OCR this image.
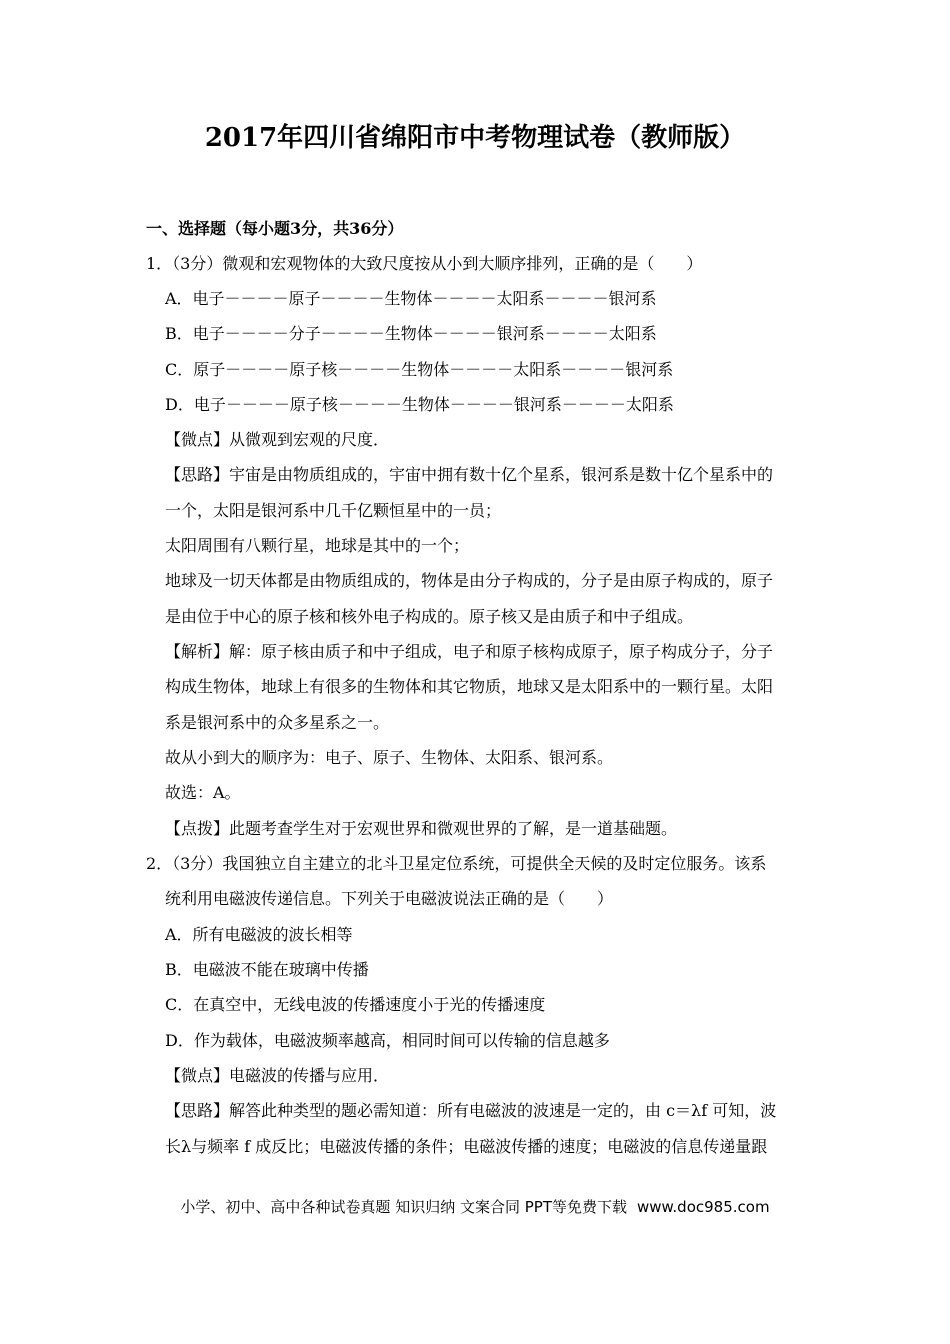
2017年四川省绵阳市中考物理试卷（教师版）
一、选择题（每小题3分，共36分）
1．（3分）微观和宏观物体的大致尺度按从小到大顺序排列，正确的是（　　）
A．电子－－－－原子－－－－生物体－－－－太阳系－－－－银河系
B．电子－－－－分子－－－－生物体－－－－银河系－－－－太阳系
C．原子－－－－原子核－－－－生物体－－－－太阳系－－－－银河系
D．电子－－－－原子核－－－－生物体－－－－银河系－－－－太阳系
【微点】从微观到宏观的尺度．
【思路】宇宙是由物质组成的，宇宙中拥有数十亿个星系，银河系是数十亿个星系中的
一个，太阳是银河系中几千亿颗恒星中的一员；
太阳周围有八颗行星，地球是其中的一个；
地球及一切天体都是由物质组成的，物体是由分子构成的，分子是由原子构成的，原子
是由位于中心的原子核和核外电子构成的。原子核又是由质子和中子组成。
【解析】解：原子核由质子和中子组成，电子和原子核构成原子，原子构成分子，分子
构成生物体，地球上有很多的生物体和其它物质，地球又是太阳系中的一颗行星。太阳
系是银河系中的众多星系之一。
故从小到大的顺序为：电子、原子、生物体、太阳系、银河系。
故选：A。
【点拨】此题考查学生对于宏观世界和微观世界的了解，是一道基础题。
2．（3分）我国独立自主建立的北斗卫星定位系统，可提供全天候的及时定位服务。该系
统利用电磁波传递信息。下列关于电磁波说法正确的是（　　）
A．所有电磁波的波长相等
B．电磁波不能在玻璃中传播
C．在真空中，无线电波的传播速度小于光的传播速度
D．作为载体，电磁波频率越高，相同时间可以传输的信息越多
【微点】电磁波的传播与应用．
【思路】解答此种类型的题必需知道：所有电磁波的波速是一定的，由 c＝λf 可知，波
长λ与频率 f 成反比；电磁波传播的条件；电磁波传播的速度；电磁波的信息传递量跟
小学、初中、高中各种试卷真题 知识归纳 文案合同 PPT等免费下载 www.doc985.com
